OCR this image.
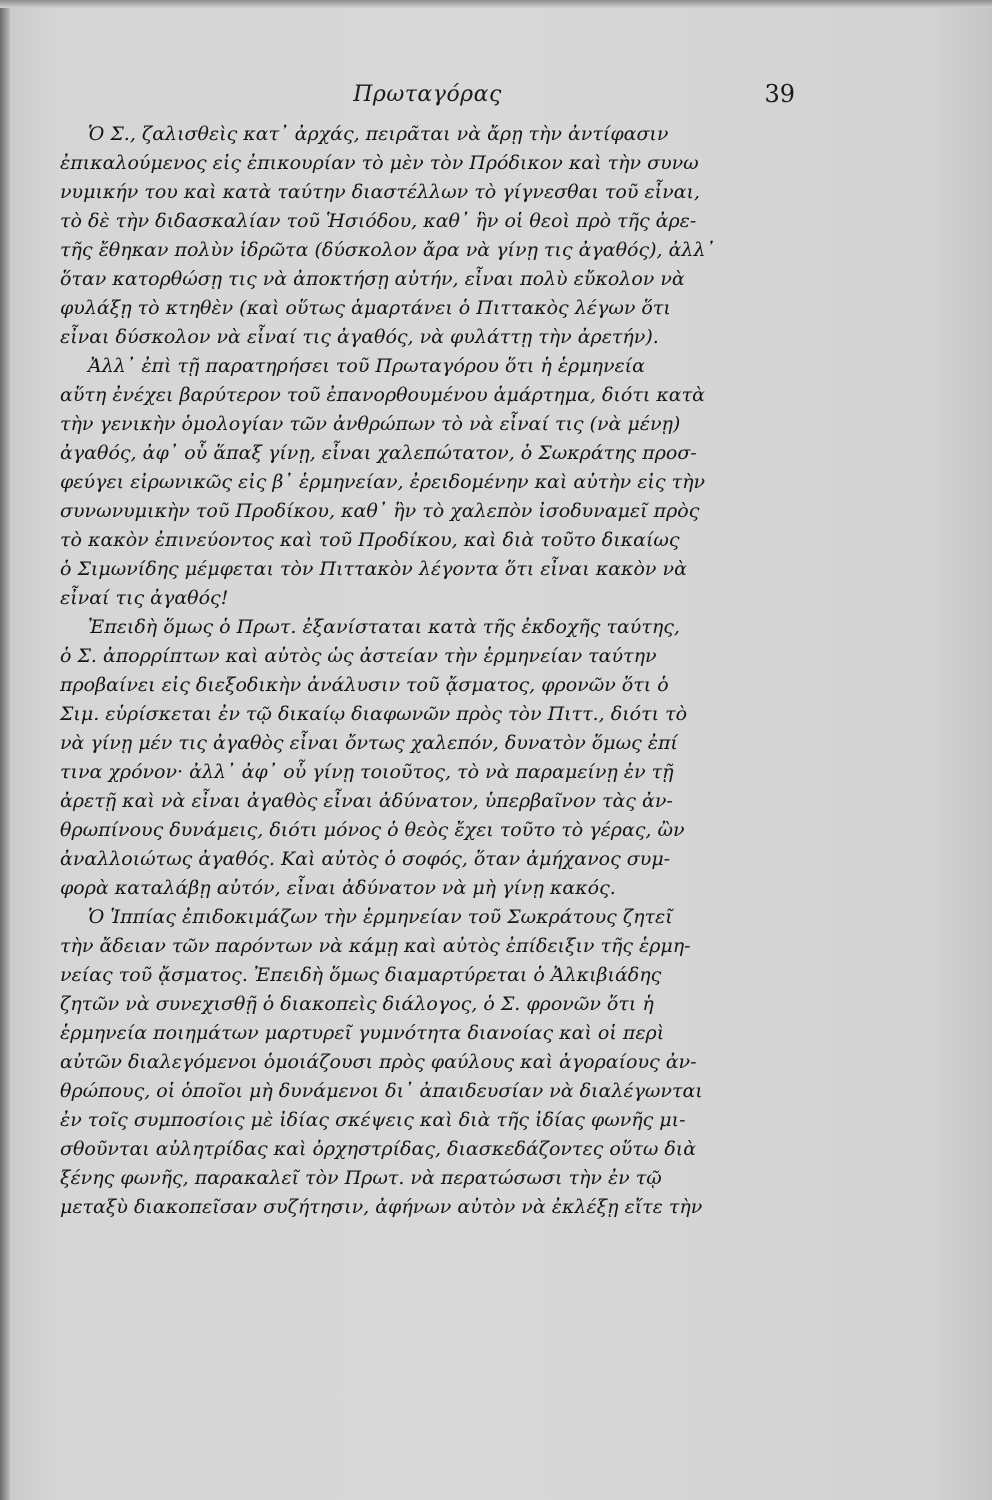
Πρωταγόρας	39
Ὁ Σ., ζαλισθεὶς κατ᾽ ἀρχάς, πειρᾶται νὰ ἄρῃ τὴν ἀντίφασιν
ἐπικαλούμενος εἰς ἐπικουρίαν τὸ μὲν τὸν Πρόδικον καὶ τὴν συνω
νυμικήν του καὶ κατὰ ταύτην διαστέλλων τὸ γίγνεσθαι τοῦ εἶναι,
τὸ δὲ τὴν διδασκαλίαν τοῦ Ἡσιόδου, καθ᾽ ἣν οἱ θεοὶ πρὸ τῆς ἀρε-
τῆς ἔθηκαν πολὺν ἱδρῶτα (δύσκολον ἄρα νὰ γίνῃ τις ἀγαθός), ἀλλ᾽
ὅταν κατορθώσῃ τις νὰ ἀποκτήσῃ αὐτήν, εἶναι πολὺ εὔκολον νὰ
φυλάξῃ τὸ κτηθὲν (καὶ οὕτως ἁμαρτάνει ὁ Πιττακὸς λέγων ὅτι
εἶναι δύσκολον νὰ εἶναί τις ἀγαθός, νὰ φυλάττῃ τὴν ἀρετήν).
Ἀλλ᾽ ἐπὶ τῇ παρατηρήσει τοῦ Πρωταγόρου ὅτι ἡ ἑρμηνεία
αὕτη ἐνέχει βαρύτερον τοῦ ἐπανορθουμένου ἁμάρτημα, διότι κατὰ
τὴν γενικὴν ὁμολογίαν τῶν ἀνθρώπων τὸ νὰ εἶναί τις (νὰ μένῃ)
ἀγαθός, ἀφ᾽ οὗ ἅπαξ γίνῃ, εἶναι χαλεπώτατον, ὁ Σωκράτης προσ-
φεύγει εἰρωνικῶς εἰς β᾽ ἑρμηνείαν, ἐρειδομένην καὶ αὐτὴν εἰς τὴν
συνωνυμικὴν τοῦ Προδίκου, καθ᾽ ἣν τὸ χαλεπὸν ἰσοδυναμεῖ πρὸς
τὸ κακὸν ἐπινεύοντος καὶ τοῦ Προδίκου, καὶ διὰ τοῦτο δικαίως
ὁ Σιμωνίδης μέμφεται τὸν Πιττακὸν λέγοντα ὅτι εἶναι κακὸν νὰ
εἶναί τις ἀγαθός!
Ἐπειδὴ ὅμως ὁ Πρωτ. ἐξανίσταται κατὰ τῆς ἐκδοχῆς ταύτης,
ὁ Σ. ἀπορρίπτων καὶ αὐτὸς ὡς ἀστείαν τὴν ἑρμηνείαν ταύτην
προβαίνει εἰς διεξοδικὴν ἀνάλυσιν τοῦ ᾄσματος, φρονῶν ὅτι ὁ
Σιμ. εὑρίσκεται ἐν τῷ δικαίῳ διαφωνῶν πρὸς τὸν Πιττ., διότι τὸ
νὰ γίνῃ μέν τις ἀγαθὸς εἶναι ὄντως χαλεπόν, δυνατὸν ὅμως ἐπί
τινα χρόνον· ἀλλ᾽ ἀφ᾽ οὗ γίνῃ τοιοῦτος, τὸ νὰ παραμείνῃ ἐν τῇ
ἀρετῇ καὶ νὰ εἶναι ἀγαθὸς εἶναι ἀδύνατον, ὑπερβαῖνον τὰς ἀν-
θρωπίνους δυνάμεις, διότι μόνος ὁ θεὸς ἔχει τοῦτο τὸ γέρας, ὢν
ἀναλλοιώτως ἀγαθός. Καὶ αὐτὸς ὁ σοφός, ὅταν ἀμήχανος συμ-
φορὰ καταλάβῃ αὐτόν, εἶναι ἀδύνατον νὰ μὴ γίνῃ κακός.
Ὁ Ἱππίας ἐπιδοκιμάζων τὴν ἑρμηνείαν τοῦ Σωκράτους ζητεῖ
τὴν ἄδειαν τῶν παρόντων νὰ κάμῃ καὶ αὐτὸς ἐπίδειξιν τῆς ἑρμη-
νείας τοῦ ᾄσματος. Ἐπειδὴ ὅμως διαμαρτύρεται ὁ Ἀλκιβιάδης
ζητῶν νὰ συνεχισθῇ ὁ διακοπεὶς διάλογος, ὁ Σ. φρονῶν ὅτι ἡ
ἑρμηνεία ποιημάτων μαρτυρεῖ γυμνότητα διανοίας καὶ οἱ περὶ
αὐτῶν διαλεγόμενοι ὁμοιάζουσι πρὸς φαύλους καὶ ἀγοραίους ἀν-
θρώπους, οἱ ὁποῖοι μὴ δυνάμενοι δι᾽ ἀπαιδευσίαν νὰ διαλέγωνται
ἐν τοῖς συμποσίοις μὲ ἰδίας σκέψεις καὶ διὰ τῆς ἰδίας φωνῆς μι-
σθοῦνται αὐλητρίδας καὶ ὀρχηστρίδας, διασκεδάζοντες οὕτω διὰ
ξένης φωνῆς, παρακαλεῖ τὸν Πρωτ. νὰ περατώσωσι τὴν ἐν τῷ
μεταξὺ διακοπεῖσαν συζήτησιν, ἀφήνων αὐτὸν νὰ ἐκλέξῃ εἴτε τὴν
